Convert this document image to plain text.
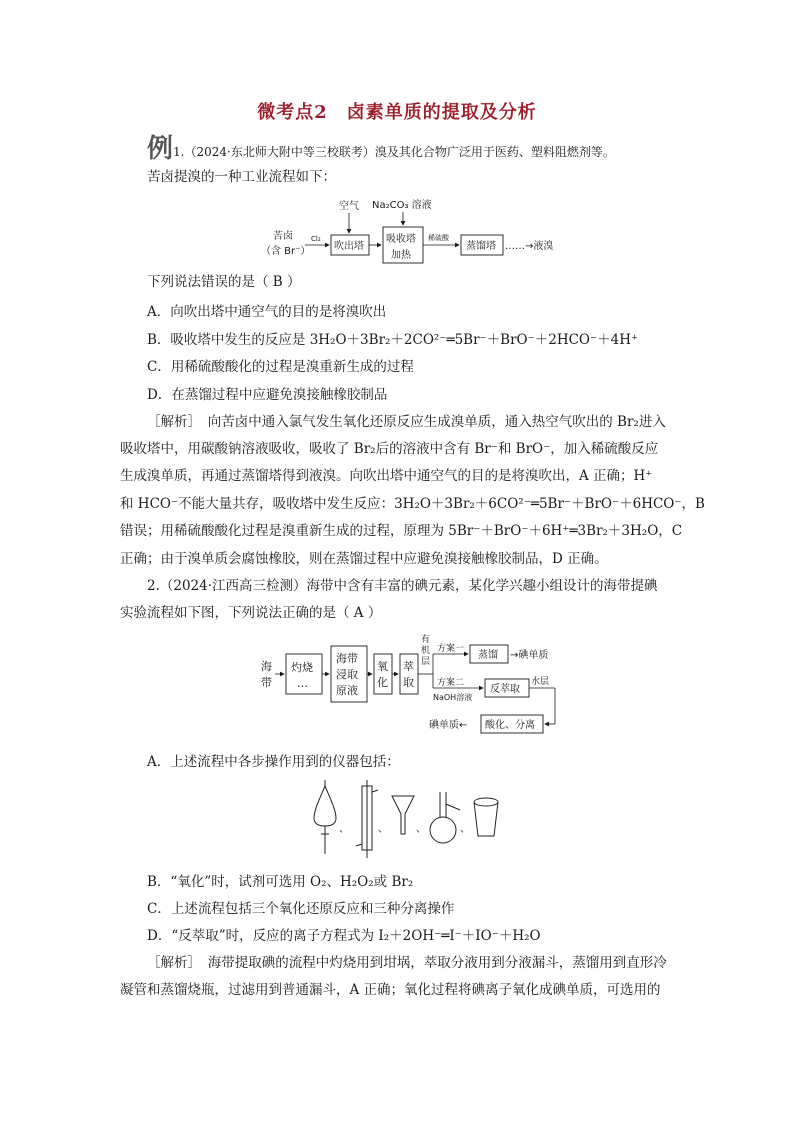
微考点2　卤素单质的提取及分析
例 1.（2024·东北师大附中等三校联考）溴及其化合物广泛用于医药、塑料阻燃剂等。
苦卤提溴的一种工业流程如下：
空气 Na₂CO₃ 溶液
苦卤
（含 Br⁻）
Cl₂
吹出塔
吸收塔
加热
稀硫酸
蒸馏塔 ……→液溴
下列说法错误的是（ B ）
A．向吹出塔中通空气的目的是将溴吹出
B．吸收塔中发生的反应是 3H₂O＋3Br₂＋2CO²⁻═5Br⁻＋BrO⁻＋2HCO⁻＋4H⁺
C．用稀硫酸酸化的过程是溴重新生成的过程
D．在蒸馏过程中应避免溴接触橡胶制品
［解析］　向苦卤中通入氯气发生氧化还原反应生成溴单质，通入热空气吹出的 Br₂进入
吸收塔中，用碳酸钠溶液吸收，吸收了 Br₂后的溶液中含有 Br⁻和 BrO⁻，加入稀硫酸反应
生成溴单质，再通过蒸馏塔得到液溴。向吹出塔中通空气的目的是将溴吹出，A 正确；H⁺
和 HCO⁻不能大量共存，吸收塔中发生反应：3H₂O＋3Br₂＋6CO²⁻═5Br⁻＋BrO⁻＋6HCO⁻，B
错误；用稀硫酸酸化过程是溴重新生成的过程，原理为 5Br⁻＋BrO⁻＋6H⁺═3Br₂＋3H₂O，C
正确；由于溴单质会腐蚀橡胶，则在蒸馏过程中应避免溴接触橡胶制品，D 正确。
2.（2024·江西高三检测）海带中含有丰富的碘元素，某化学兴趣小组设计的海带提碘
实验流程如下图，下列说法正确的是（ A ）
海
带
灼烧
…
海带
浸取
原液
氧
化
萃
取
有
机
层
方案一
蒸馏 →碘单质
方案二
NaOH溶液
反萃取
水层
酸化、分离
碘单质←
A．上述流程中各步操作用到的仪器包括：
、	、	、	、
B．“氧化”时，试剂可选用 O₂、H₂O₂或 Br₂
C．上述流程包括三个氧化还原反应和三种分离操作
D．“反萃取”时，反应的离子方程式为 I₂＋2OH⁻═I⁻＋IO⁻＋H₂O
［解析］　海带提取碘的流程中灼烧用到坩埚，萃取分液用到分液漏斗，蒸馏用到直形冷
凝管和蒸馏烧瓶，过滤用到普通漏斗，A 正确；氧化过程将碘离子氧化成碘单质，可选用的
